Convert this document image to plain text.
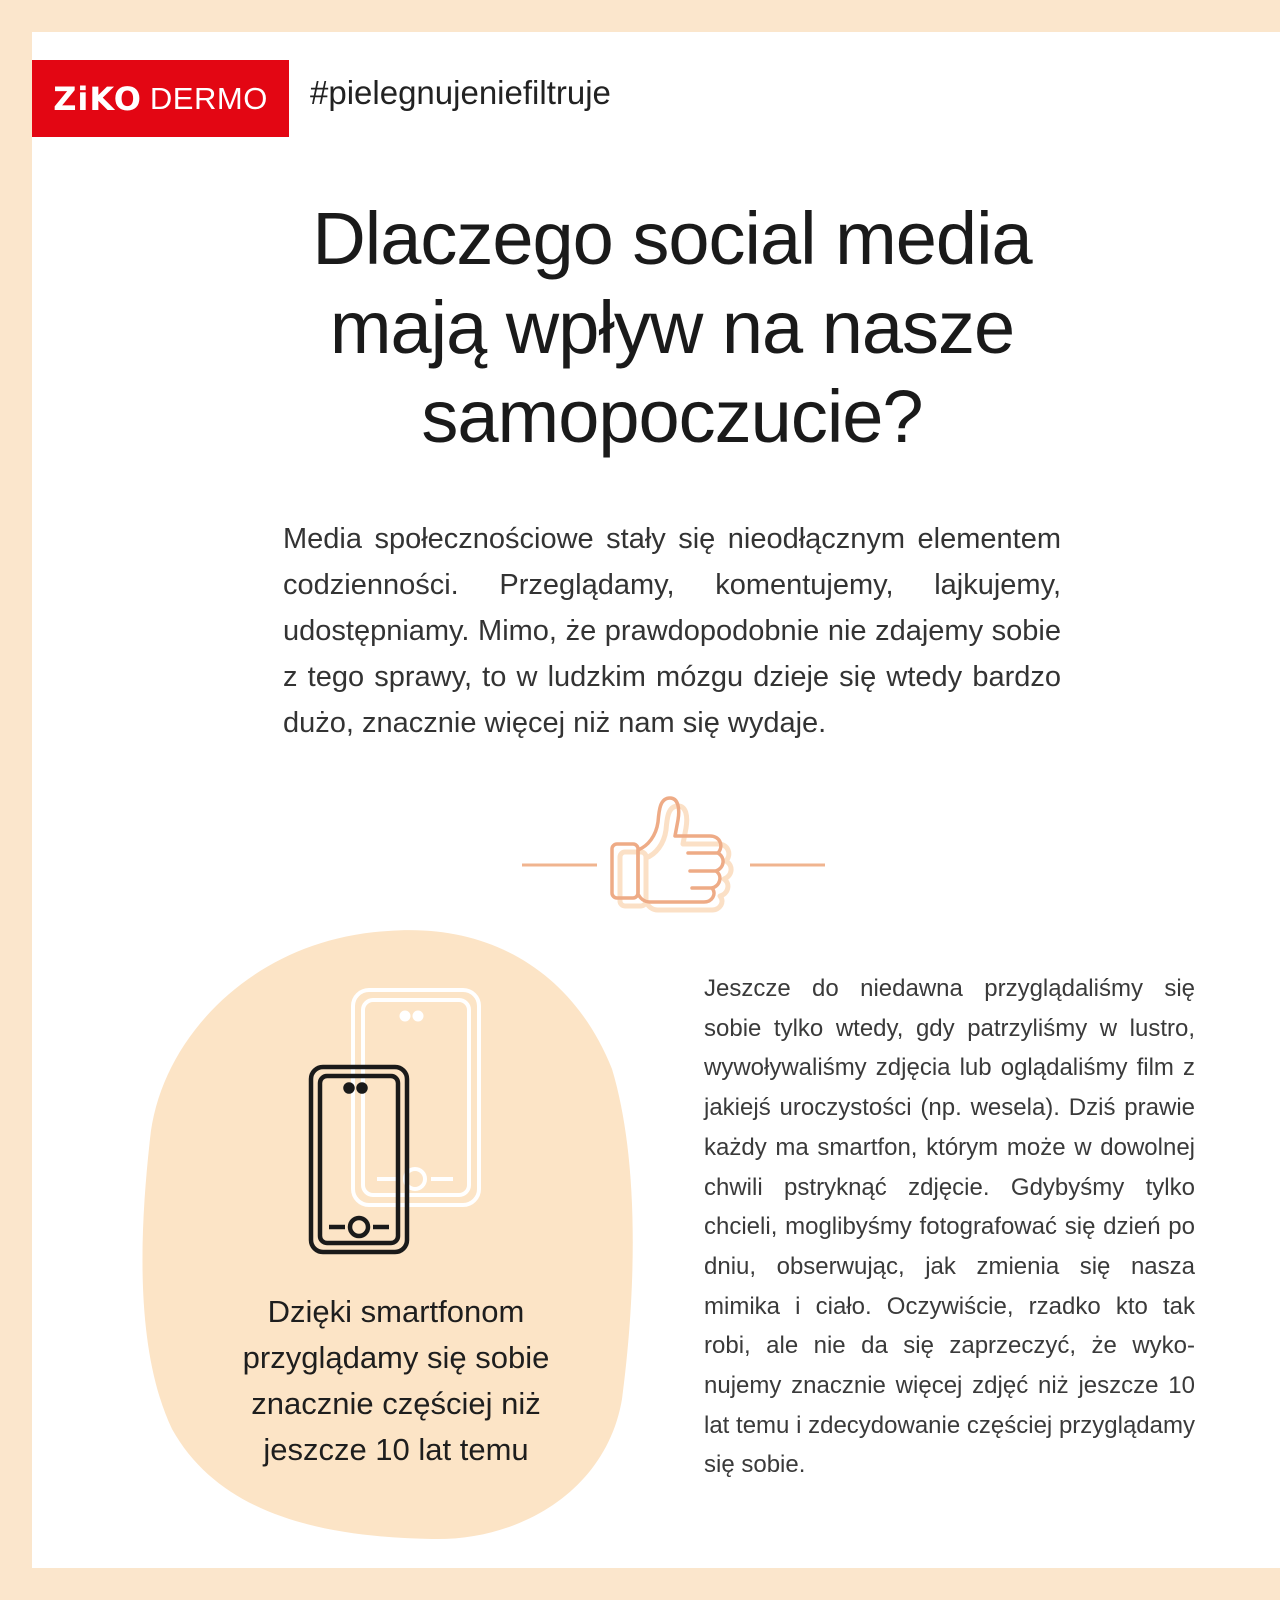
ZiKO DERMO #pielegnujeniefiltruje

Dlaczego social media mają wpływ na nasze samopoczucie?

Media społecznościowe stały się nieodłącznym elementem codzienności. Przeglądamy, komentujemy, lajkujemy, udostępniamy. Mimo, że prawdopodobnie nie zdajemy sobie z tego sprawy, to w ludzkim mózgu dzieje się wtedy bardzo dużo, znacznie więcej niż nam się wydaje.

Dzięki smartfonom przyglądamy się sobie znacznie częściej niż jeszcze 10 lat temu

Jeszcze do niedawna przyglądaliśmy się sobie tylko wtedy, gdy patrzyliśmy w lustro, wywoływaliśmy zdjęcia lub oglądaliśmy film z jakiejś uroczystości (np. wesela). Dziś prawie każdy ma smartfon, którym może w dowolnej chwili pstryknąć zdjęcie. Gdybyśmy tylko chcieli, moglibyśmy fotografować się dzień po dniu, obserwując, jak zmienia się nasza mimika i ciało. Oczywiście, rzadko kto tak robi, ale nie da się zaprzeczyć, że wykonujemy znacznie więcej zdjęć niż jeszcze 10 lat temu i zdecydowanie częściej przyglądamy się sobie.
